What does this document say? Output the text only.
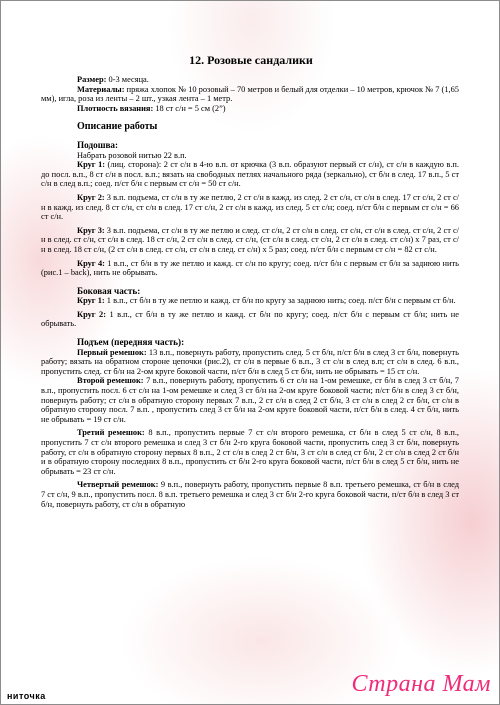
12. Розовые сандалики

Размер: 0-3 месяца.

Материалы: пряжа хлопок № 10 розовый – 70 метров и белый для отделки – 10 метров, крючок № 7 (1,65 мм), игла, роза из ленты – 2 шт., узкая лента – 1 метр.

Плотность вязания: 18 ст с/н = 5 см (2”)

Описание работы

Подошва:

Набрать розовой нитью 22 в.п.

Круг 1: (лиц. сторона): 2 ст с/н в 4-ю в.п. от крючка (3 в.п. образуют первый ст с/н), ст с/н в каждую в.п. до посл. в.п., 8 ст с/н в посл. в.п.; вязать на свободных петлях начального ряда (зеркально), ст б/н в след. 17 в.п., 5 ст с/н в след в.п.; соед. п/ст б/н с первым ст с/н = 50 ст с/н.

Круг 2: 3 в.п. подъема, ст с/н в ту же петлю, 2 ст с/н в кажд. из след. 2 ст с/н, ст с/н в след. 17 ст с/н, 2 ст с/н в кажд. из след. 8 ст с/н, ст с/н в след. 17 ст с/н, 2 ст с/н в кажд. из след. 5 ст с/н; соед. п/ст б/н с первым ст с/н = 66 ст с/н.

Круг 3: 3 в.п. подъема, ст с/н в ту же петлю и след. ст с/н, 2 ст с/н в след. ст с/н, ст с/н в след. ст с/н, 2 ст с/н в след. ст с/н, ст с/н в след. 18 ст с/н, 2 ст с/н в след. ст с/н, (ст с/н в след. ст с/н, 2 ст с/н в след. ст с/н) х 7 раз, ст с/н в след. 18 ст с/н, (2 ст с/н в след. ст с/н, ст с/н в след. ст с/н) х 5 раз; соед. п/ст б/н с первым ст с/н = 82 ст с/н.

Круг 4: 1 в.п., ст б/н в ту же петлю и кажд. ст с/н по кругу; соед. п/ст б/н с первым ст б/н за заднюю нить (рис.1 – back), нить не обрывать.

Боковая часть:

Круг 1: 1 в.п., ст б/н в ту же петлю и кажд. ст б/н по кругу за заднюю нить; соед. п/ст б/н с первым ст б/н.

Круг 2: 1 в.п., ст б/н в ту же петлю и кажд. ст б/н по кругу; соед. п/ст б/н с первым ст б/н; нить не обрывать.

Подъем (передняя часть):

Первый ремешок: 13 в.п., повернуть работу, пропустить след. 5 ст б/н, п/ст б/н в след 3 ст б/н, повернуть работу; вязать на обратном стороне цепочки (рис.2), ст с/н в первые 6 в.п., 3 ст с/н в след в.п; ст с/н в след. 6 в.п., пропустить след. ст б/н на 2-ом круге боковой части, п/ст б/н в след 5 ст б/н, нить не обрывать = 15 ст с/н.

Второй ремешок: 7 в.п., повернуть работу, пропустить 6 ст с/н на 1-ом ремешке, ст б/н в след 3 ст б/н, 7 в.п., пропустить посл. 6 ст с/н на 1-ом ремешке и след 3 ст б/н на 2-ом круге боковой части; п/ст б/н в след 3 ст б/н, повернуть работу; ст с/н в обратную сторону первых 7 в.п., 2 ст с/н в след 2 ст б/н, 3 ст с/н в след 2 ст б/н, ст с/н в обратную сторону посл. 7 в.п. , пропустить след 3 ст б/н на 2-ом круге боковой части, п/ст б/н в след. 4 ст б/н, нить не обрывать = 19 ст с/н.

Третий ремешок: 8 в.п., пропустить первые 7 ст с/н второго ремешка, ст б/н в след 5 ст с/н, 8 в.п., пропустить 7 ст с/н второго ремешка и след 3 ст б/н 2-го круга боковой части, пропустить след 3 ст б/н, повернуть работу, ст с/н в обратную сторону первых 8 в.п., 2 ст с/н в след 2 ст б/н, 3 ст с/н в след ст б/н, 2 ст с/н в след 2 ст б/н и в обратную сторону последних 8 в.п., пропустить ст б/н 2-го круга боковой части, п/ст б/н в след 5 ст б/н, нить не обрывать = 23 ст с/н.

Четвертый ремешок: 9 в.п., повернуть работу, пропустить первые 8 в.п. третьего ремешка, ст б/н в след 7 ст с/н, 9 в.п., пропустить посл. 8 в.п. третьего ремешка и след 3 ст б/н 2-го круга боковой части, п/ст б/н в след 3 ст б/н, повернуть работу, ст с/н в обратную

ниточка	Страна Мам
